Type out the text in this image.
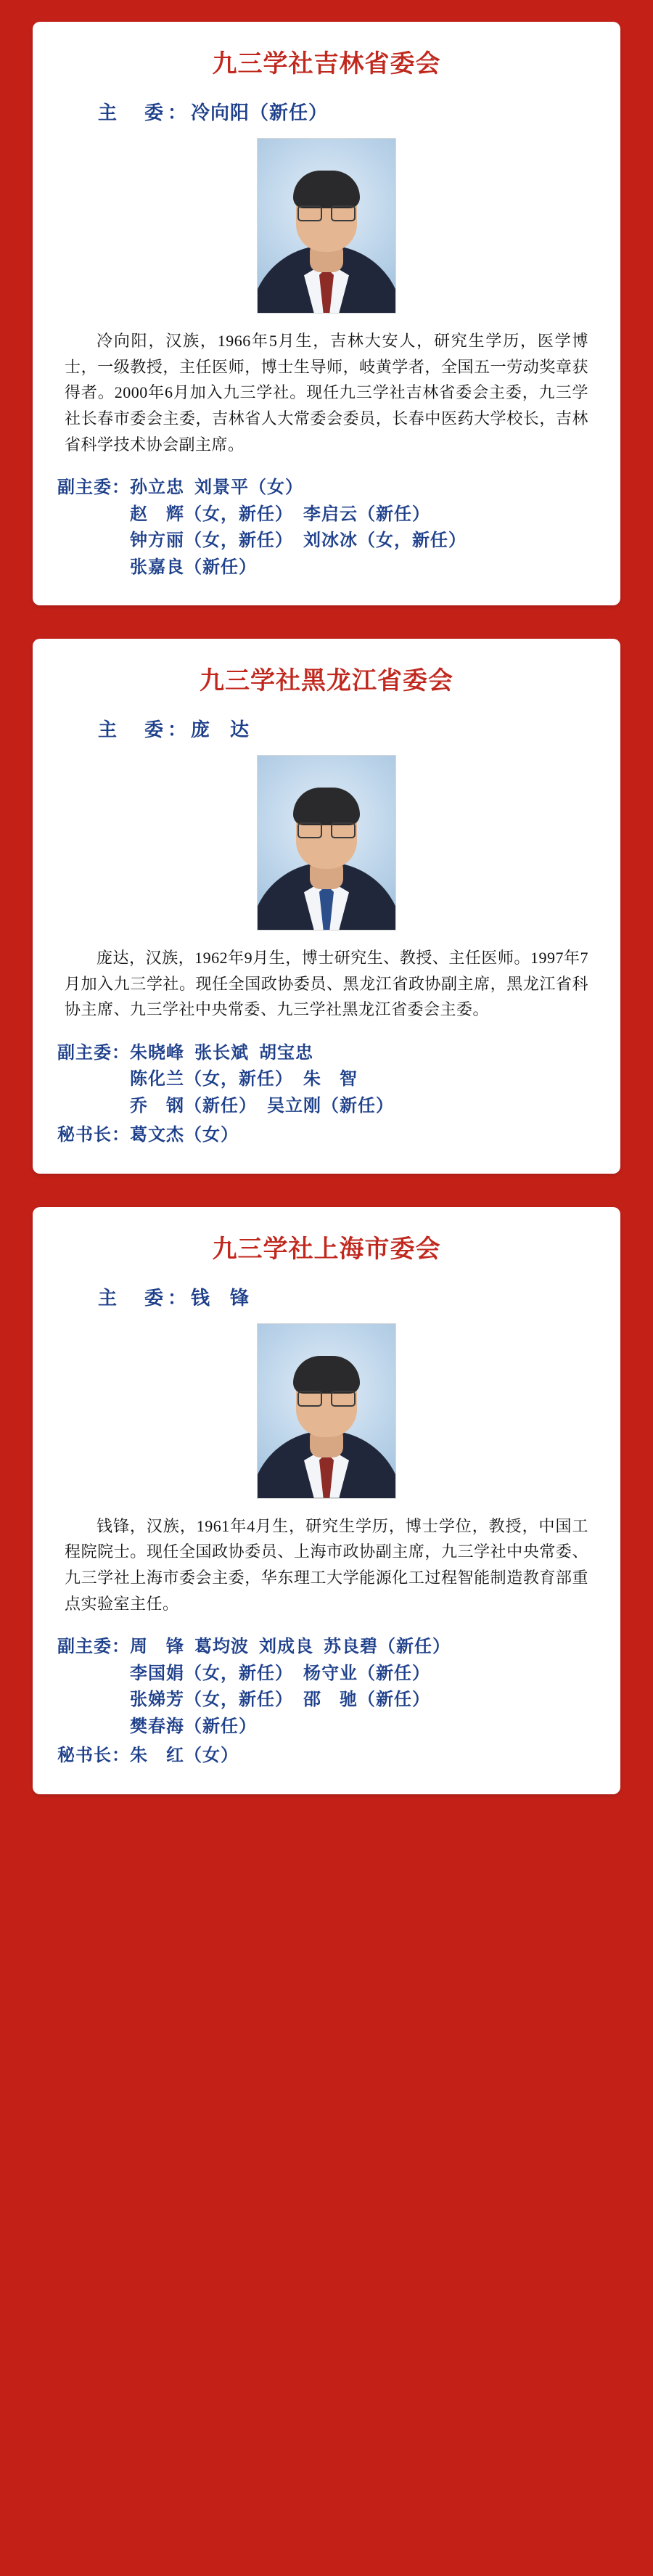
九三学社吉林省委会
主　委：冷向阳（新任）
冷向阳，汉族，1966年5月生，吉林大安人，研究生学历，医学博士，一级教授，主任医师，博士生导师，岐黄学者，全国五一劳动奖章获得者。2000年6月加入九三学社。现任九三学社吉林省委会主委，九三学社长春市委会主委，吉林省人大常委会委员，长春中医药大学校长，吉林省科学技术协会副主席。
副主委： 孙立忠  刘景平（女）
赵　辉（女，新任）  李启云（新任）
钟方丽（女，新任）  刘冰冰（女，新任）
张嘉良（新任）
九三学社黑龙江省委会
主　委：庞　达
庞达，汉族，1962年9月生，博士研究生、教授、主任医师。1997年7月加入九三学社。现任全国政协委员、黑龙江省政协副主席，黑龙江省科协主席、九三学社中央常委、九三学社黑龙江省委会主委。
副主委： 朱晓峰  张长斌  胡宝忠
陈化兰（女，新任）  朱　智
乔　钢（新任）  吴立刚（新任）
秘书长： 葛文杰（女）
九三学社上海市委会
主　委：钱　锋
钱锋，汉族，1961年4月生，研究生学历，博士学位，教授，中国工程院院士。现任全国政协委员、上海市政协副主席，九三学社中央常委、九三学社上海市委会主委，华东理工大学能源化工过程智能制造教育部重点实验室主任。
副主委： 周　锋  葛均波  刘成良  苏良碧（新任）
李国娟（女，新任）  杨守业（新任）
张娣芳（女，新任）  邵　驰（新任）
樊春海（新任）
秘书长： 朱　红（女）
